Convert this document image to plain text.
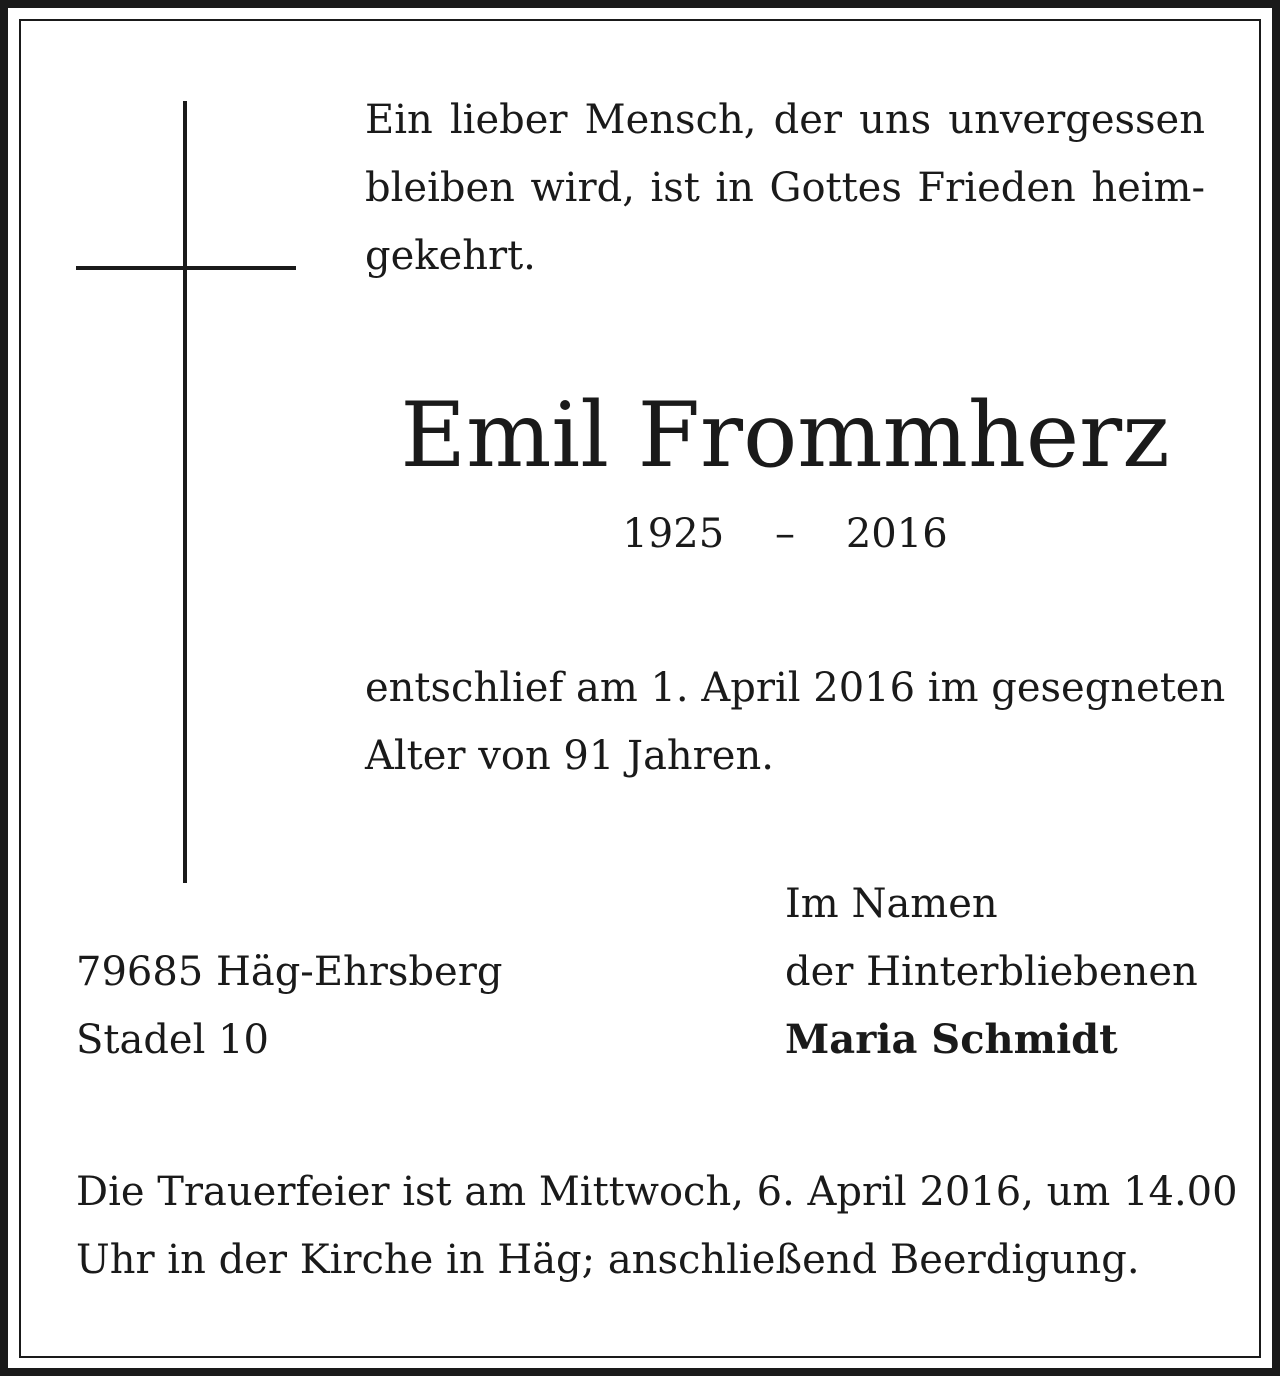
Ein lieber Mensch, der uns unvergessen
bleiben wird, ist in Gottes Frieden heim-
gekehrt.
Emil Frommherz
1925    –    2016
entschlief am 1. April 2016 im gesegneten
Alter von 91 Jahren.
79685 Häg-Ehrsberg
Stadel 10
Im Namen
der Hinterbliebenen
Maria Schmidt
Die Trauerfeier ist am Mittwoch, 6. April 2016, um 14.00
Uhr in der Kirche in Häg; anschließend Beerdigung.
